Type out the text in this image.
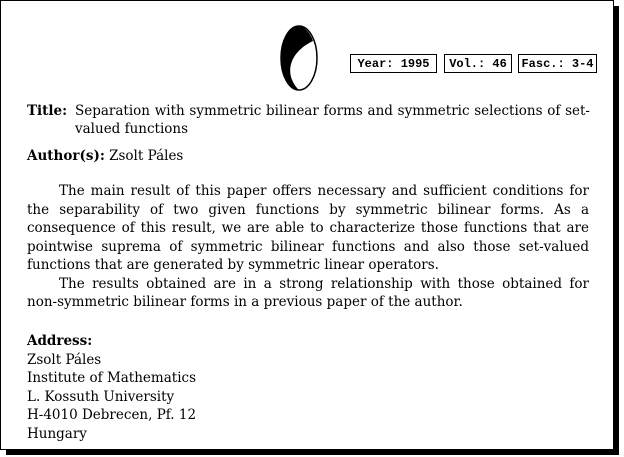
Year: 1995	Vol.: 46	Fasc.: 3-4
Title: Separation with symmetric bilinear forms and symmetric selections of set-valued functions
Author(s): Zsolt Páles

The main result of this paper offers necessary and sufficient conditions for the separability of two given functions by symmetric bilinear forms. As a consequence of this result, we are able to characterize those functions that are pointwise suprema of symmetric bilinear functions and also those set-valued functions that are generated by symmetric linear operators.

The results obtained are in a strong relationship with those obtained for non-symmetric bilinear forms in a previous paper of the author.

Address:
Zsolt Páles
Institute of Mathematics
L. Kossuth University
H-4010 Debrecen, Pf. 12
Hungary
